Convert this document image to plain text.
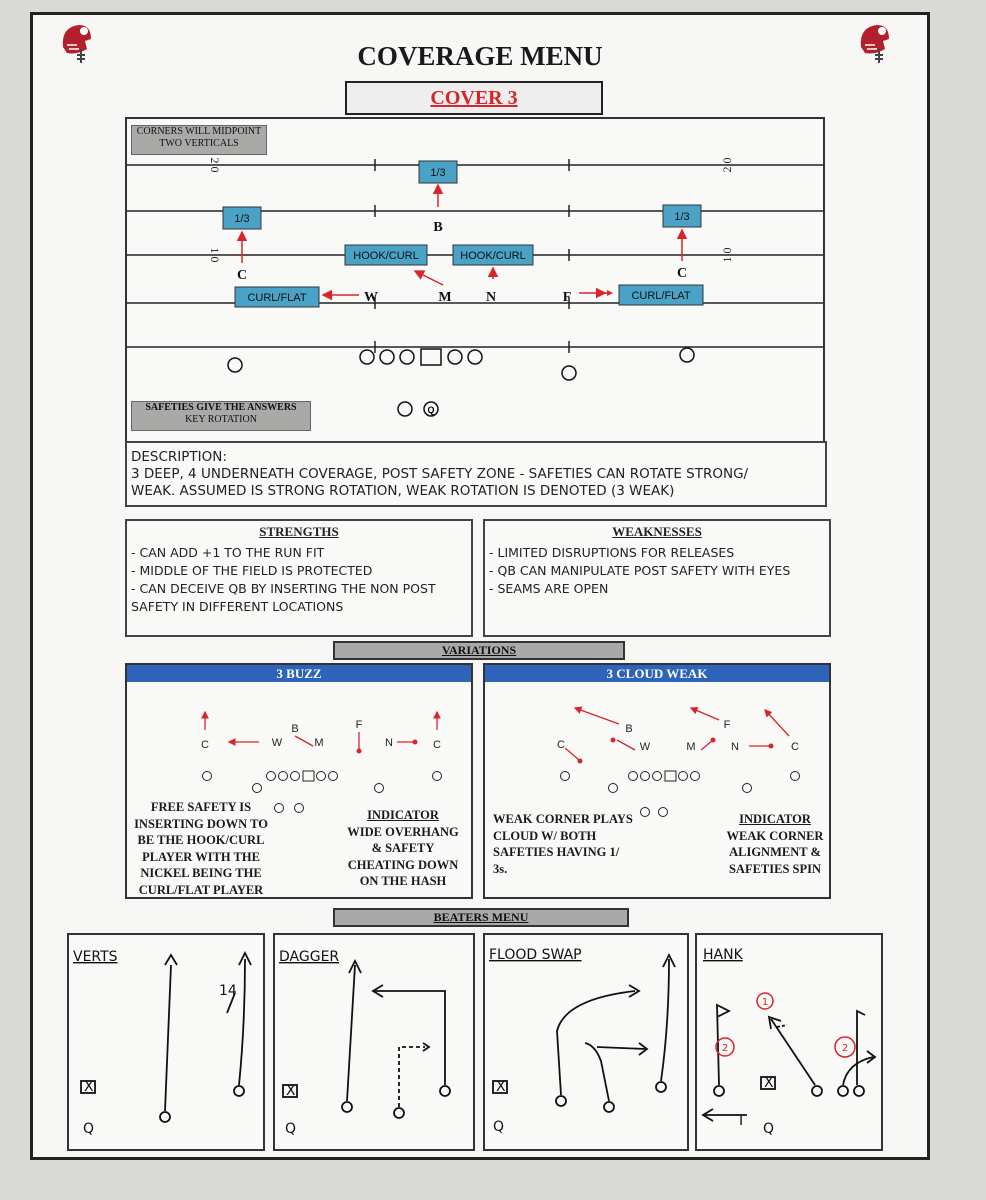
COVERAGE MENU
COVER 3
2 0	2 0
1 0	1 0
1/3
1/3	1/3
HOOK/CURL	HOOK/CURL
CURL/FLAT	CURL/FLAT
B
C	C
W	M N	F
Q
CORNERS WILL MIDPOINT
TWO VERTICALS
SAFETIES GIVE THE ANSWERS
KEY ROTATION
DESCRIPTION:
3 DEEP, 4 UNDERNEATH COVERAGE, POST SAFETY ZONE - SAFETIES CAN ROTATE STRONG/
WEAK. ASSUMED IS STRONG ROTATION, WEAK ROTATION IS DENOTED (3 WEAK)
STRENGTHS
- CAN ADD +1 TO THE RUN FIT
- MIDDLE OF THE FIELD IS PROTECTED
- CAN DECEIVE QB BY INSERTING THE NON POST
SAFETY IN DIFFERENT LOCATIONS
WEAKNESSES
- LIMITED DISRUPTIONS FOR RELEASES
- QB CAN MANIPULATE POST SAFETY WITH EYES
- SEAMS ARE OPEN
VARIATIONS
3 BUZZ
C
B	F
W	M	N	C
FREE SAFETY IS
INSERTING DOWN TO
BE THE HOOK/CURL
PLAYER WITH THE
NICKEL BEING THE
CURL/FLAT PLAYER
INDICATOR
WIDE OVERHANG
& SAFETY
CHEATING DOWN
ON THE HASH
3 CLOUD WEAK
B	F
C	W	M	N	C
WEAK CORNER PLAYS
CLOUD W/ BOTH
SAFETIES HAVING 1/
3s.
INDICATOR
WEAK CORNER
ALIGNMENT &
SAFETIES SPIN
BEATERS MENU
VERTS
14
X
Q
DAGGER
X
Q
FLOOD SWAP
X
Q
HANK
1
2	2
X
Q
I
